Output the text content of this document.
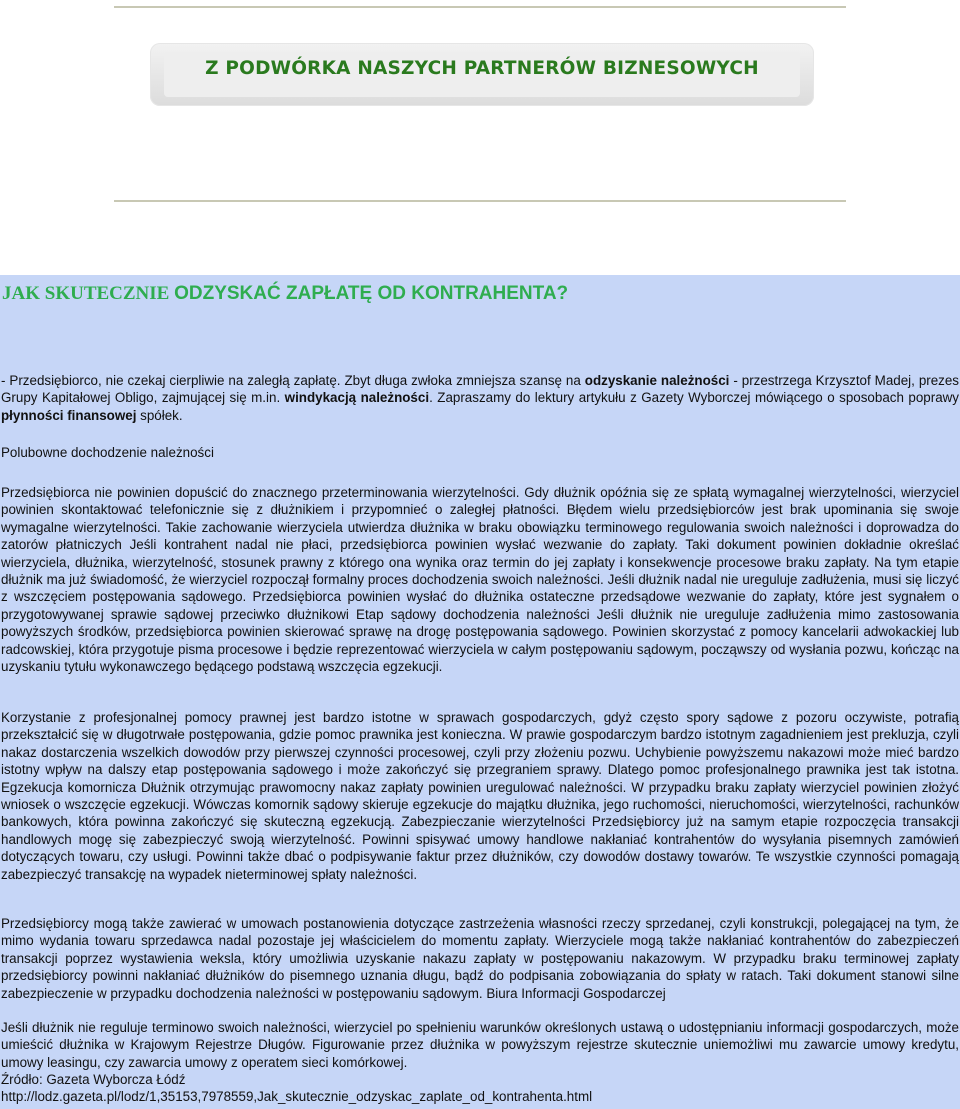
Z PODWÓRKA NASZYCH PARTNERÓW BIZNESOWYCH
JAK SKUTECZNIE ODZYSKAĆ ZAPŁATĘ OD KONTRAHENTA?

- Przedsiębiorco, nie czekaj cierpliwie na zaległą zapłatę. Zbyt długa zwłoka zmniejsza szansę na odzyskanie należności - przestrzega Krzysztof Madej, prezes Grupy Kapitałowej Obligo, zajmującej się m.in. windykacją należności. Zapraszamy do lektury artykułu z Gazety Wyborczej mówiącego o sposobach poprawy płynności finansowej spółek.

Polubowne dochodzenie należności

Przedsiębiorca nie powinien dopuścić do znacznego przeterminowania wierzytelności. Gdy dłużnik opóźnia się ze spłatą wymagalnej wierzytelności, wierzyciel powinien skontaktować telefonicznie się z dłużnikiem i przypomnieć o zaległej płatności. Błędem wielu przedsiębiorców jest brak upominania się swoje wymagalne wierzytelności. Takie zachowanie wierzyciela utwierdza dłużnika w braku obowiązku terminowego regulowania swoich należności i doprowadza do zatorów płatniczych Jeśli kontrahent nadal nie płaci, przedsiębiorca powinien wysłać wezwanie do zapłaty. Taki dokument powinien dokładnie określać wierzyciela, dłużnika, wierzytelność, stosunek prawny z którego ona wynika oraz termin do jej zapłaty i konsekwencje procesowe braku zapłaty. Na tym etapie dłużnik ma już świadomość, że wierzyciel rozpoczął formalny proces dochodzenia swoich należności. Jeśli dłużnik nadal nie ureguluje zadłużenia, musi się liczyć z wszczęciem postępowania sądowego. Przedsiębiorca powinien wysłać do dłużnika ostateczne przedsądowe wezwanie do zapłaty, które jest sygnałem o przygotowywanej sprawie sądowej przeciwko dłużnikowi Etap sądowy dochodzenia należności Jeśli dłużnik nie ureguluje zadłużenia mimo zastosowania powyższych środków, przedsiębiorca powinien skierować sprawę na drogę postępowania sądowego. Powinien skorzystać z pomocy kancelarii adwokackiej lub radcowskiej, która przygotuje pisma procesowe i będzie reprezentować wierzyciela w całym postępowaniu sądowym, począwszy od wysłania pozwu, kończąc na uzyskaniu tytułu wykonawczego będącego podstawą wszczęcia egzekucji.

Korzystanie z profesjonalnej pomocy prawnej jest bardzo istotne w sprawach gospodarczych, gdyż często spory sądowe z pozoru oczywiste, potrafią przekształcić się w długotrwałe postępowania, gdzie pomoc prawnika jest konieczna. W prawie gospodarczym bardzo istotnym zagadnieniem jest prekluzja, czyli nakaz dostarczenia wszelkich dowodów przy pierwszej czynności procesowej, czyli przy złożeniu pozwu. Uchybienie powyższemu nakazowi może mieć bardzo istotny wpływ na dalszy etap postępowania sądowego i może zakończyć się przegraniem sprawy. Dlatego pomoc profesjonalnego prawnika jest tak istotna. Egzekucja komornicza Dłużnik otrzymując prawomocny nakaz zapłaty powinien uregulować należności. W przypadku braku zapłaty wierzyciel powinien złożyć wniosek o wszczęcie egzekucji. Wówczas komornik sądowy skieruje egzekucje do majątku dłużnika, jego ruchomości, nieruchomości, wierzytelności, rachunków bankowych, która powinna zakończyć się skuteczną egzekucją. Zabezpieczanie wierzytelności Przedsiębiorcy już na samym etapie rozpoczęcia transakcji handlowych mogę się zabezpieczyć swoją wierzytelność. Powinni spisywać umowy handlowe nakłaniać kontrahentów do wysyłania pisemnych zamówień dotyczących towaru, czy usługi. Powinni także dbać o podpisywanie faktur przez dłużników, czy dowodów dostawy towarów. Te wszystkie czynności pomagają zabezpieczyć transakcję na wypadek nieterminowej spłaty należności.

Przedsiębiorcy mogą także zawierać w umowach postanowienia dotyczące zastrzeżenia własności rzeczy sprzedanej, czyli konstrukcji, polegającej na tym, że mimo wydania towaru sprzedawca nadal pozostaje jej właścicielem do momentu zapłaty. Wierzyciele mogą także nakłaniać kontrahentów do zabezpieczeń transakcji poprzez wystawienia weksla, który umożliwia uzyskanie nakazu zapłaty w postępowaniu nakazowym. W przypadku braku terminowej zapłaty przedsiębiorcy powinni nakłaniać dłużników do pisemnego uznania długu, bądź do podpisania zobowiązania do spłaty w ratach. Taki dokument stanowi silne zabezpieczenie w przypadku dochodzenia należności w postępowaniu sądowym. Biura Informacji Gospodarczej

Jeśli dłużnik nie reguluje terminowo swoich należności, wierzyciel po spełnieniu warunków określonych ustawą o udostępnianiu informacji gospodarczych, może umieścić dłużnika w Krajowym Rejestrze Długów. Figurowanie przez dłużnika w powyższym rejestrze skutecznie uniemożliwi mu zawarcie umowy kredytu, umowy leasingu, czy zawarcia umowy z operatem sieci komórkowej.

Źródło: Gazeta Wyborcza Łódź

http://lodz.gazeta.pl/lodz/1,35153,7978559,Jak_skutecznie_odzyskac_zaplate_od_kontrahenta.html
